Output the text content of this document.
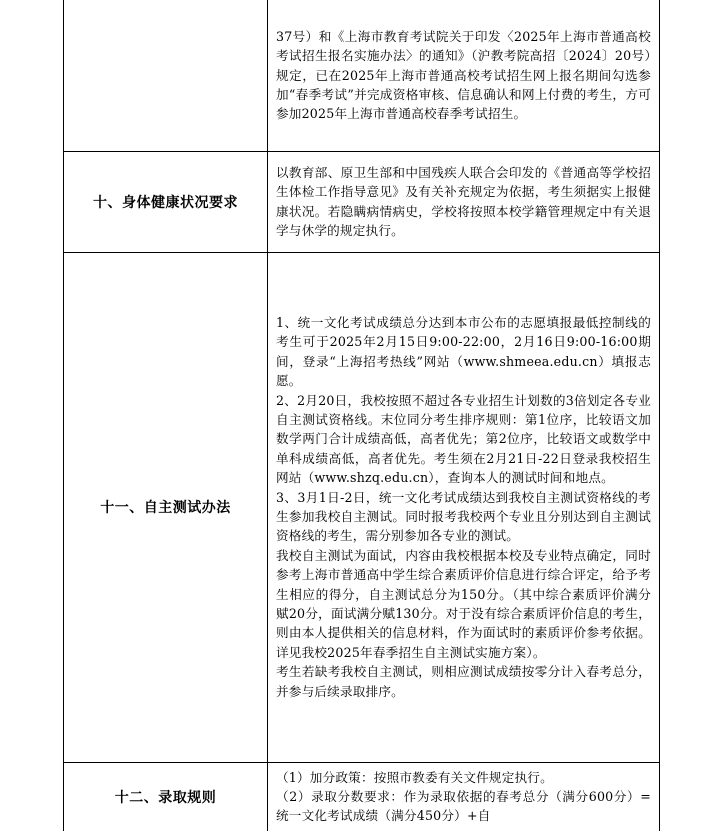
	37号）和《上海市教育考试院关于印发〈2025年上海市普通高校考试招生报名实施办法〉的通知》（沪教考院高招〔2024〕20号）规定，已在2025年上海市普通高校考试招生网上报名期间勾选参加“春季考试”并完成资格审核、信息确认和网上付费的考生，方可参加2025年上海市普通高校春季考试招生。

十、身体健康状况要求	以教育部、原卫生部和中国残疾人联合会印发的《普通高等学校招生体检工作指导意见》及有关补充规定为依据，考生须据实上报健康状况。若隐瞒病情病史，学校将按照本校学籍管理规定中有关退学与休学的规定执行。

十一、自主测试办法	1、统一文化考试成绩总分达到本市公布的志愿填报最低控制线的考生可于2025年2月15日9:00-22:00，2月16日9:00-16:00期间，登录“上海招考热线”网站（www.shmeea.edu.cn）填报志愿。
2、2月20日，我校按照不超过各专业招生计划数的3倍划定各专业自主测试资格线。末位同分考生排序规则：第1位序，比较语文加数学两门合计成绩高低，高者优先；第2位序，比较语文或数学中单科成绩高低，高者优先。考生须在2月21日-22日登录我校招生网站（www.shzq.edu.cn），查询本人的测试时间和地点。
3、3月1日-2日，统一文化考试成绩达到我校自主测试资格线的考生参加我校自主测试。同时报考我校两个专业且分别达到自主测试资格线的考生，需分别参加各专业的测试。
我校自主测试为面试，内容由我校根据本校及专业特点确定，同时参考上海市普通高中学生综合素质评价信息进行综合评定，给予考生相应的得分，自主测试总分为150分。（其中综合素质评价满分赋20分，面试满分赋130分。对于没有综合素质评价信息的考生，则由本人提供相关的信息材料，作为面试时的素质评价参考依据。详见我校2025年春季招生自主测试实施方案）。
考生若缺考我校自主测试，则相应测试成绩按零分计入春考总分，并参与后续录取排序。

十二、录取规则	（1）加分政策：按照市教委有关文件规定执行。
（2）录取分数要求：作为录取依据的春考总分（满分600分）=统一文化考试成绩（满分450分）+自
